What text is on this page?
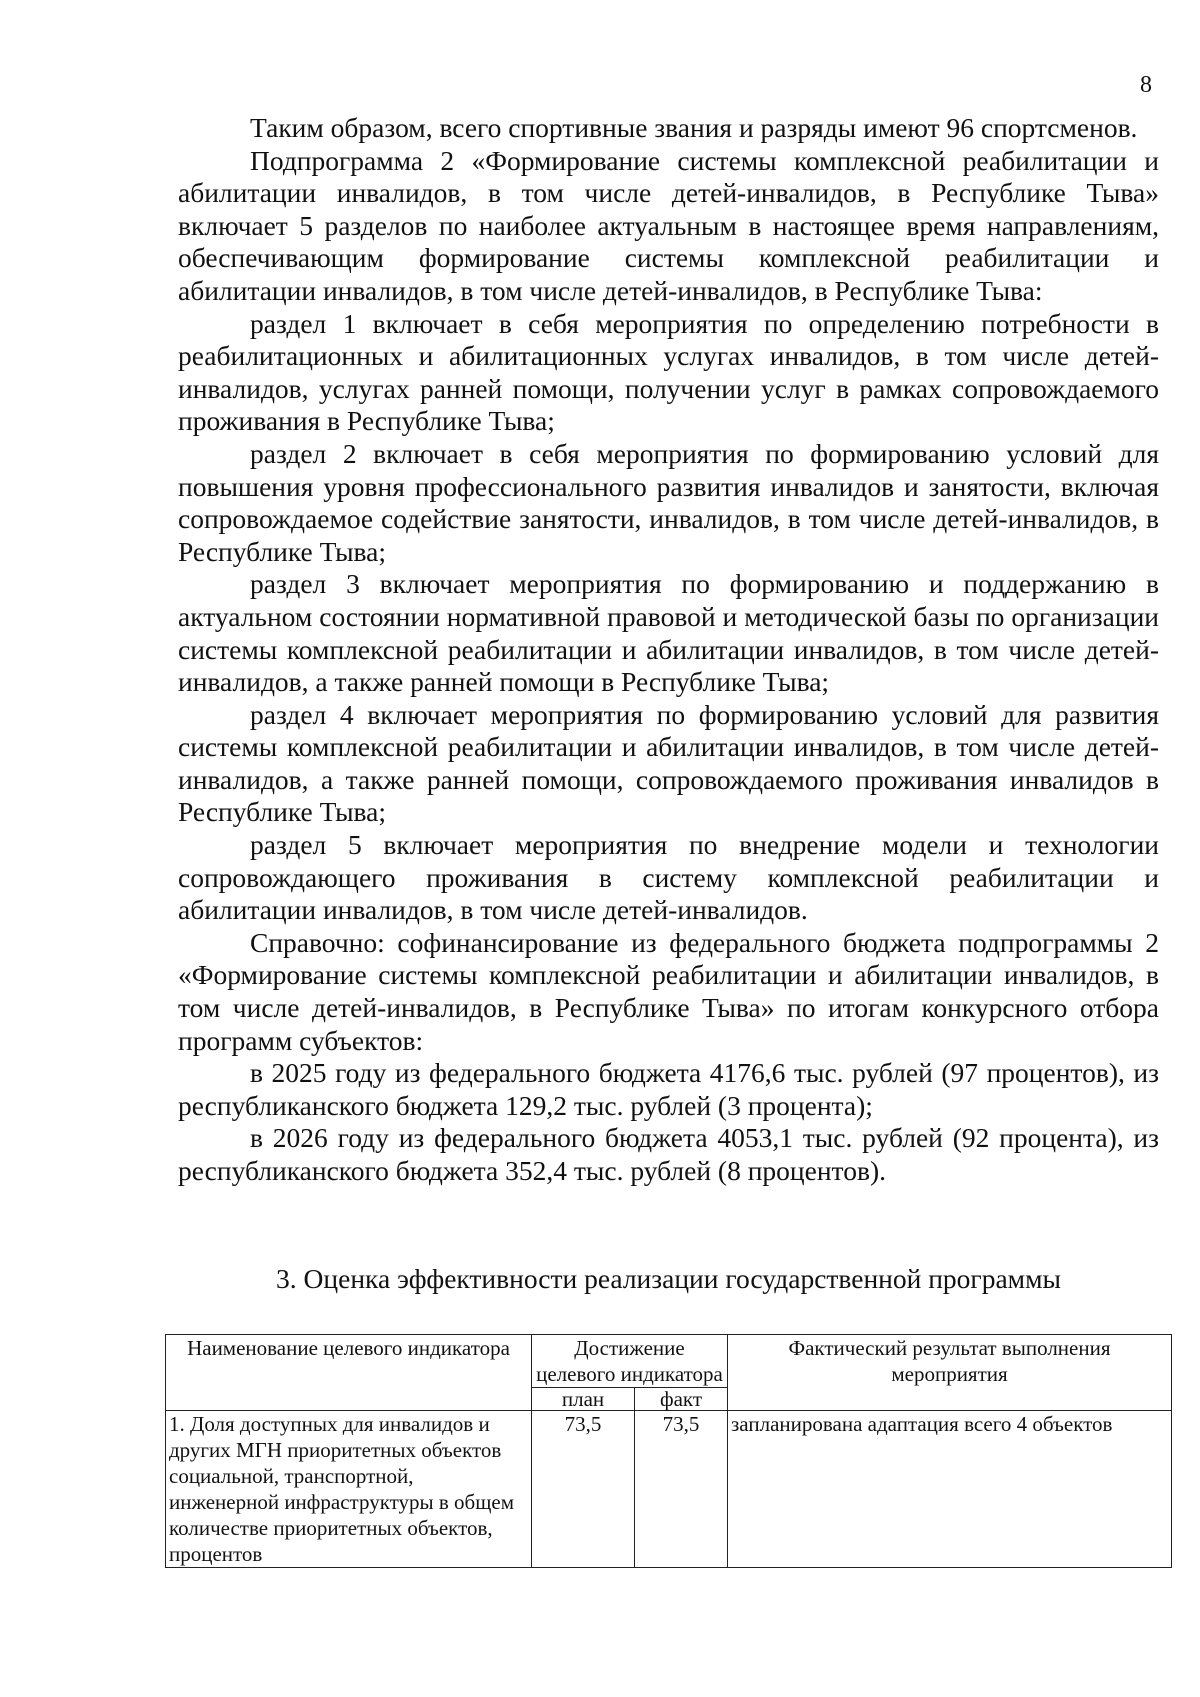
8

Таким образом, всего спортивные звания и разряды имеют 96 спортсменов.

Подпрограмма 2 «Формирование системы комплексной реабилитации и абилитации инвалидов, в том числе детей-инвалидов, в Республике Тыва» включает 5 разделов по наиболее актуальным в настоящее время направлениям, обеспечивающим формирование системы комплексной реабилитации и абилитации инвалидов, в том числе детей-инвалидов, в Республике Тыва:

раздел 1 включает в себя мероприятия по определению потребности в реабилитационных и абилитационных услугах инвалидов, в том числе детей-инвалидов, услугах ранней помощи, получении услуг в рамках сопровождаемого проживания в Республике Тыва;

раздел 2 включает в себя мероприятия по формированию условий для повышения уровня профессионального развития инвалидов и занятости, включая сопровождаемое содействие занятости, инвалидов, в том числе детей-инвалидов, в Республике Тыва;

раздел 3 включает мероприятия по формированию и поддержанию в актуальном состоянии нормативной правовой и методической базы по организации системы комплексной реабилитации и абилитации инвалидов, в том числе детей-инвалидов, а также ранней помощи в Республике Тыва;

раздел 4 включает мероприятия по формированию условий для развития системы комплексной реабилитации и абилитации инвалидов, в том числе детей-инвалидов, а также ранней помощи, сопровождаемого проживания инвалидов в Республике Тыва;

раздел 5 включает мероприятия по внедрение модели и технологии сопровождающего проживания в систему комплексной реабилитации и абилитации инвалидов, в том числе детей-инвалидов.

Справочно: софинансирование из федерального бюджета подпрограммы 2 «Формирование системы комплексной реабилитации и абилитации инвалидов, в том числе детей-инвалидов, в Республике Тыва» по итогам конкурсного отбора программ субъектов:

в 2025 году из федерального бюджета 4176,6 тыс. рублей (97 процентов), из республиканского бюджета 129,2 тыс. рублей (3 процента);

в 2026 году из федерального бюджета 4053,1 тыс. рублей (92 процента), из республиканского бюджета 352,4 тыс. рублей (8 процентов).

3. Оценка эффективности реализации государственной программы
Наименование целевого индикатора	Достижение целевого индикатора		Фактический результат выполнения мероприятия
	план	факт	
1. Доля доступных для инвалидов и других МГН приоритетных объектов социальной, транспортной, инженерной инфраструктуры в общем количестве приоритетных объектов, процентов	73,5	73,5	запланирована адаптация всего 4 объектов
